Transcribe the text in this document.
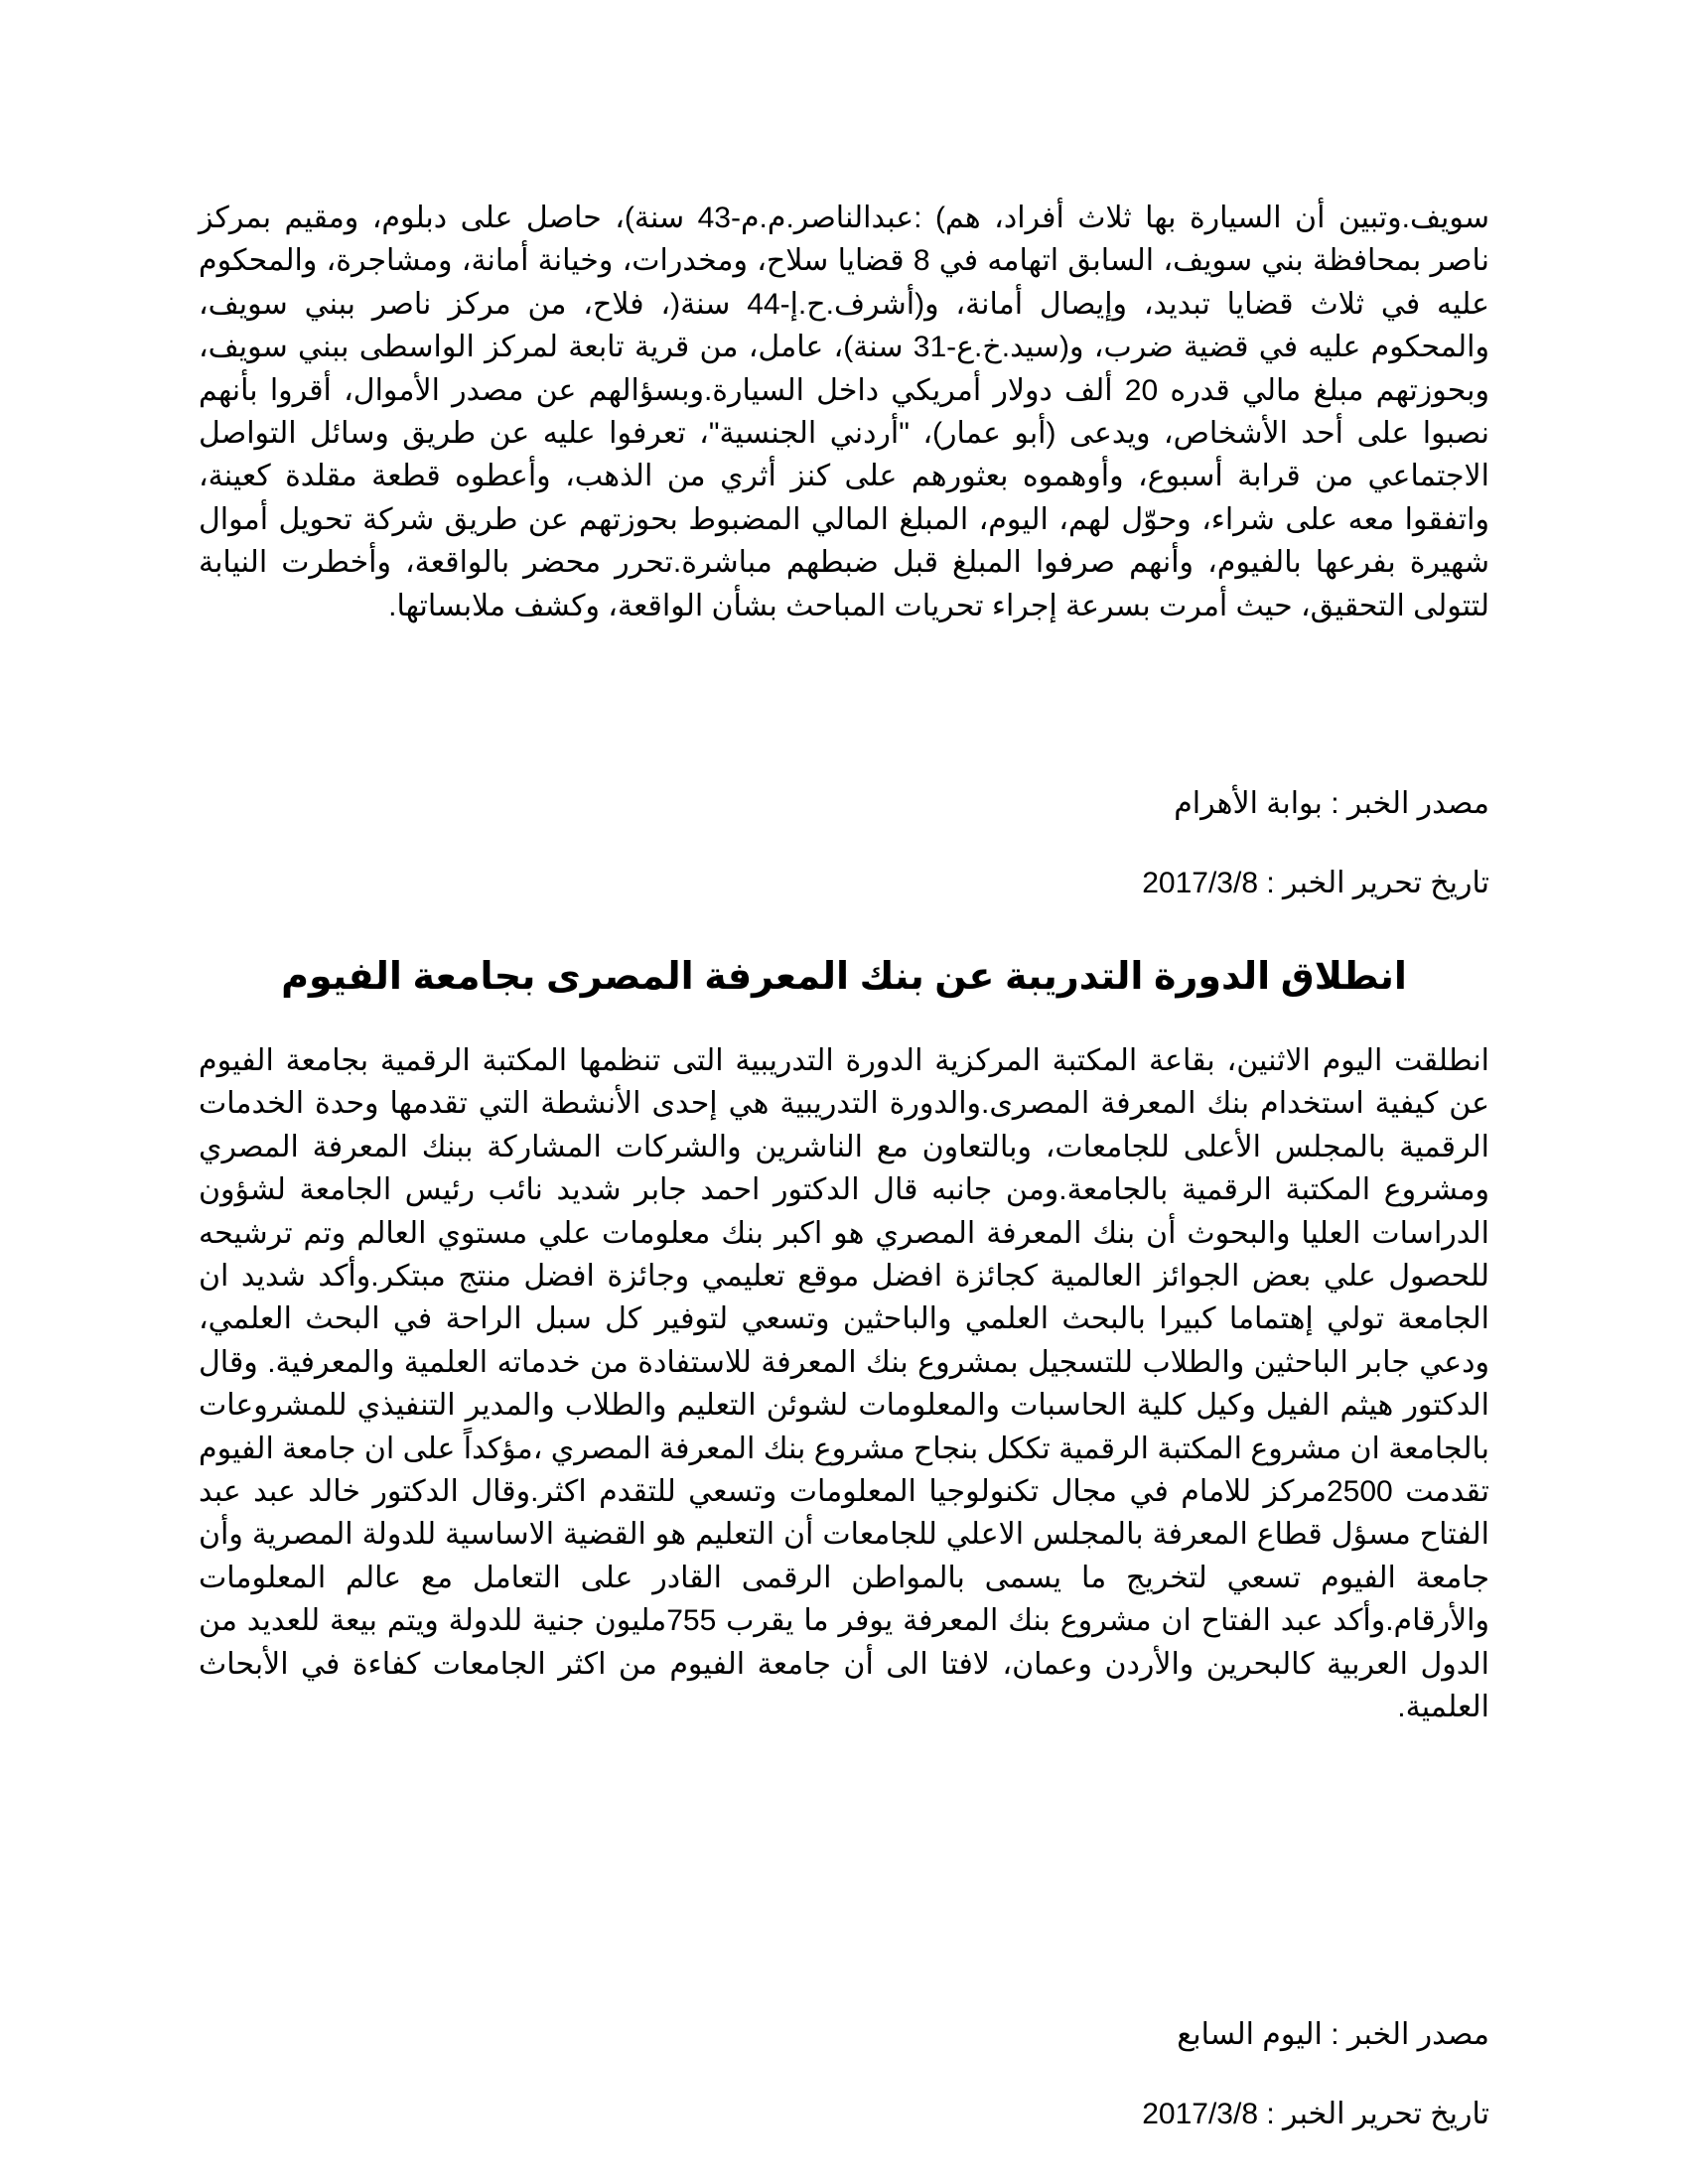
سويف.وتبين أن السيارة بها ثلاث أفراد، هم) :عبدالناصر.م.م-43 سنة)، حاصل على دبلوم، ومقيم بمركز ناصر بمحافظة بني سويف، السابق اتهامه في 8 قضايا سلاح، ومخدرات، وخيانة أمانة، ومشاجرة، والمحكوم عليه في ثلاث قضايا تبديد، وإيصال أمانة، و(أشرف.ح.إ-44 سنة(، فلاح، من مركز ناصر ببني سويف، والمحكوم عليه في قضية ضرب، و(سيد.خ.ع-31 سنة)، عامل، من قرية تابعة لمركز الواسطى ببني سويف، وبحوزتهم مبلغ مالي قدره 20 ألف دولار أمريكي داخل السيارة.وبسؤالهم عن مصدر الأموال، أقروا بأنهم نصبوا على أحد الأشخاص، ويدعى (أبو عمار)، "أردني الجنسية"، تعرفوا عليه عن طريق وسائل التواصل الاجتماعي من قرابة أسبوع، وأوهموه بعثورهم على كنز أثري من الذهب، وأعطوه قطعة مقلدة كعينة، واتفقوا معه على شراء، وحوّل لهم، اليوم، المبلغ المالي المضبوط بحوزتهم عن طريق شركة تحويل أموال شهيرة بفرعها بالفيوم، وأنهم صرفوا المبلغ قبل ضبطهم مباشرة.تحرر محضر بالواقعة، وأخطرت النيابة لتتولى التحقيق، حيث أمرت بسرعة إجراء تحريات المباحث بشأن الواقعة، وكشف ملابساتها.

مصدر الخبر : بوابة الأهرام
تاريخ تحرير الخبر : 2017/3/8
انطلاق الدورة التدريبة عن بنك المعرفة المصرى بجامعة الفيوم

انطلقت اليوم الاثنين، بقاعة المكتبة المركزية الدورة التدريبية التى تنظمها المكتبة الرقمية بجامعة الفيوم عن كيفية استخدام بنك المعرفة المصرى.والدورة التدريبية هي إحدى الأنشطة التي تقدمها وحدة الخدمات الرقمية بالمجلس الأعلى للجامعات، وبالتعاون مع الناشرين والشركات المشاركة ببنك المعرفة المصري ومشروع المكتبة الرقمية بالجامعة.ومن جانبه قال الدكتور احمد جابر شديد نائب رئيس الجامعة لشؤون الدراسات العليا والبحوث أن بنك المعرفة المصري هو اكبر بنك معلومات علي مستوي العالم وتم ترشيحه للحصول علي بعض الجوائز العالمية كجائزة افضل موقع تعليمي وجائزة افضل منتج مبتكر.وأكد شديد ان الجامعة تولي إهتماما كبيرا بالبحث العلمي والباحثين وتسعي لتوفير كل سبل الراحة في البحث العلمي، ودعي جابر الباحثين والطلاب للتسجيل بمشروع بنك المعرفة للاستفادة من خدماته العلمية والمعرفية. وقال الدكتور هيثم الفيل وكيل كلية الحاسبات والمعلومات لشوئن التعليم والطلاب والمدير التنفيذي للمشروعات بالجامعة ان مشروع المكتبة الرقمية تككل بنجاح مشروع بنك المعرفة المصري ،مؤكداً على ان جامعة الفيوم تقدمت 2500مركز للامام في مجال تكنولوجيا المعلومات وتسعي للتقدم اكثر.وقال الدكتور خالد عبد عبد الفتاح مسؤل قطاع المعرفة بالمجلس الاعلي للجامعات أن التعليم هو القضية الاساسية للدولة المصرية وأن جامعة الفيوم تسعي لتخريج ما يسمى بالمواطن الرقمى القادر على التعامل مع عالم المعلومات والأرقام.وأكد عبد الفتاح ان مشروع بنك المعرفة يوفر ما يقرب 755مليون جنية للدولة ويتم بيعة للعديد من الدول العربية كالبحرين والأردن وعمان، لافتا الى أن جامعة الفيوم من اكثر الجامعات كفاءة في الأبحاث العلمية.

مصدر الخبر : اليوم السابع
تاريخ تحرير الخبر : 2017/3/8
